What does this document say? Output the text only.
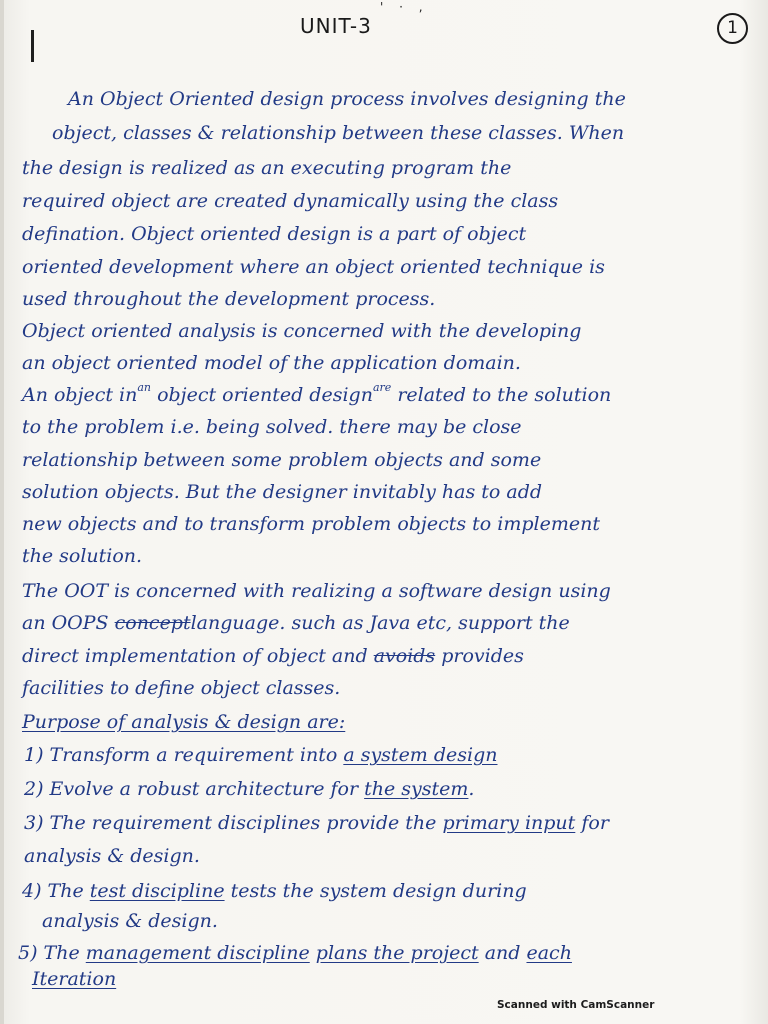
' · ,
UNIT-3	1
An Object Oriented design process involves designing the
object, classes & relationship between these classes. When
the design is realized as an executing program the
required object are created dynamically using the class
defination. Object oriented design is a part of object
oriented development where an object oriented technique is
used throughout the development process.
Object oriented analysis is concerned with the developing
an object oriented model of the application domain.
An object $in^{an}$ object oriented design$^{are}$ related to the solution
to the problem i.e. being solved. there may be close
relationship between some problem objects and some
solution objects. But the designer invitably has to add
new objects and to transform problem objects to implement
the solution.
The OOT is concerned with realizing a software design using
an OOPS conceptlanguage. such as Java etc, support the
direct implementation of object and avoids provides
facilities to define object classes.
Purpose of analysis & design are:
1) Transform a requirement into a system design
2) Evolve a robust architecture for the system.
3) The requirement disciplines provide the primary input for
analysis & design.
4) The test discipline tests the system design during
analysis & design.
5) The management discipline plans the project and each
Iteration
Scanned with CamScanner
